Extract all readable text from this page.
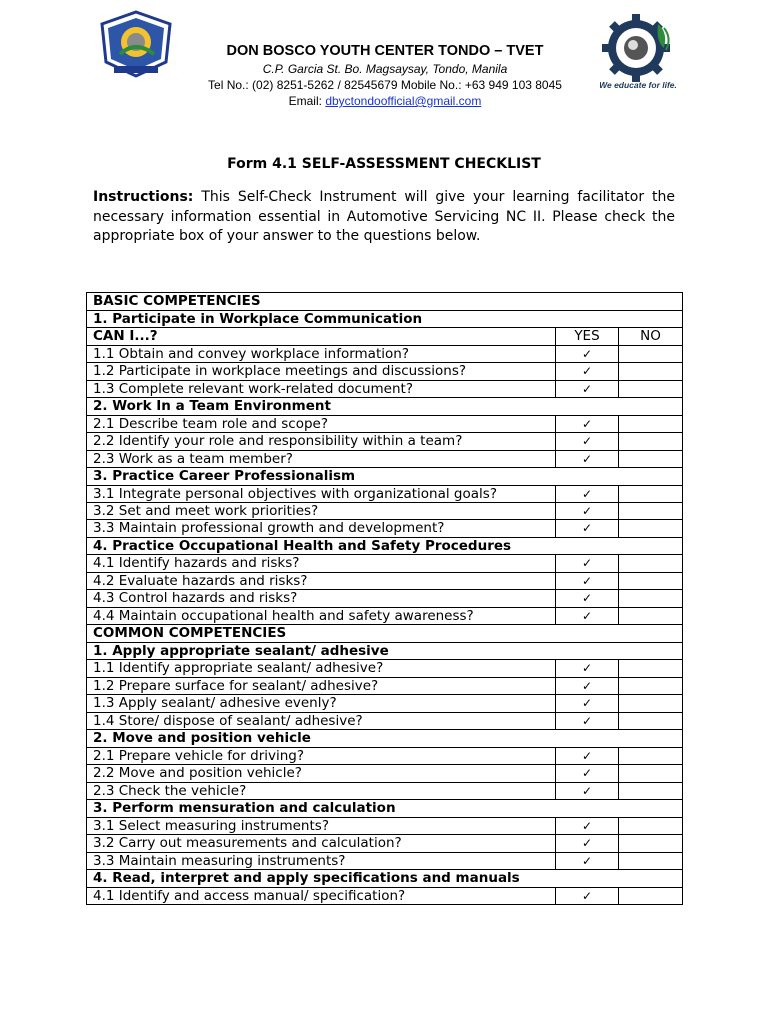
DON BOSCO YOUTH CENTER TONDO – TVET

C.P. Garcia St. Bo. Magsaysay, Tondo, Manila
Tel No.: (02) 8251-5262 / 82545679 Mobile No.: +63 949 103 8045
Email: dbyctondoofficial@gmail.com
We educate for life.
Form 4.1 SELF-ASSESSMENT CHECKLIST
Instructions: This Self-Check Instrument will give your learning facilitator the necessary information essential in Automotive Servicing NC II. Please check the appropriate box of your answer to the questions below.
BASIC COMPETENCIES		
1. Participate in Workplace Communication		
CAN I...?	YES	NO
1.1 Obtain and convey workplace information?	✓	
1.2 Participate in workplace meetings and discussions?	✓	
1.3 Complete relevant work-related document?	✓	
2. Work In a Team Environment		
2.1 Describe team role and scope?	✓	
2.2 Identify your role and responsibility within a team?	✓	
2.3 Work as a team member?	✓	
3. Practice Career Professionalism		
3.1 Integrate personal objectives with organizational goals?	✓	
3.2 Set and meet work priorities?	✓	
3.3 Maintain professional growth and development?	✓	
4. Practice Occupational Health and Safety Procedures		
4.1 Identify hazards and risks?	✓	
4.2 Evaluate hazards and risks?	✓	
4.3 Control hazards and risks?	✓	
4.4 Maintain occupational health and safety awareness?	✓	
COMMON COMPETENCIES		
1. Apply appropriate sealant/ adhesive		
1.1 Identify appropriate sealant/ adhesive?	✓	
1.2 Prepare surface for sealant/ adhesive?	✓	
1.3 Apply sealant/ adhesive evenly?	✓	
1.4 Store/ dispose of sealant/ adhesive?	✓	
2. Move and position vehicle		
2.1 Prepare vehicle for driving?	✓	
2.2 Move and position vehicle?	✓	
2.3 Check the vehicle?	✓	
3. Perform mensuration and calculation		
3.1 Select measuring instruments?	✓	
3.2 Carry out measurements and calculation?	✓	
3.3 Maintain measuring instruments?	✓	
4. Read, interpret and apply specifications and manuals		
4.1 Identify and access manual/ specification?	✓	
